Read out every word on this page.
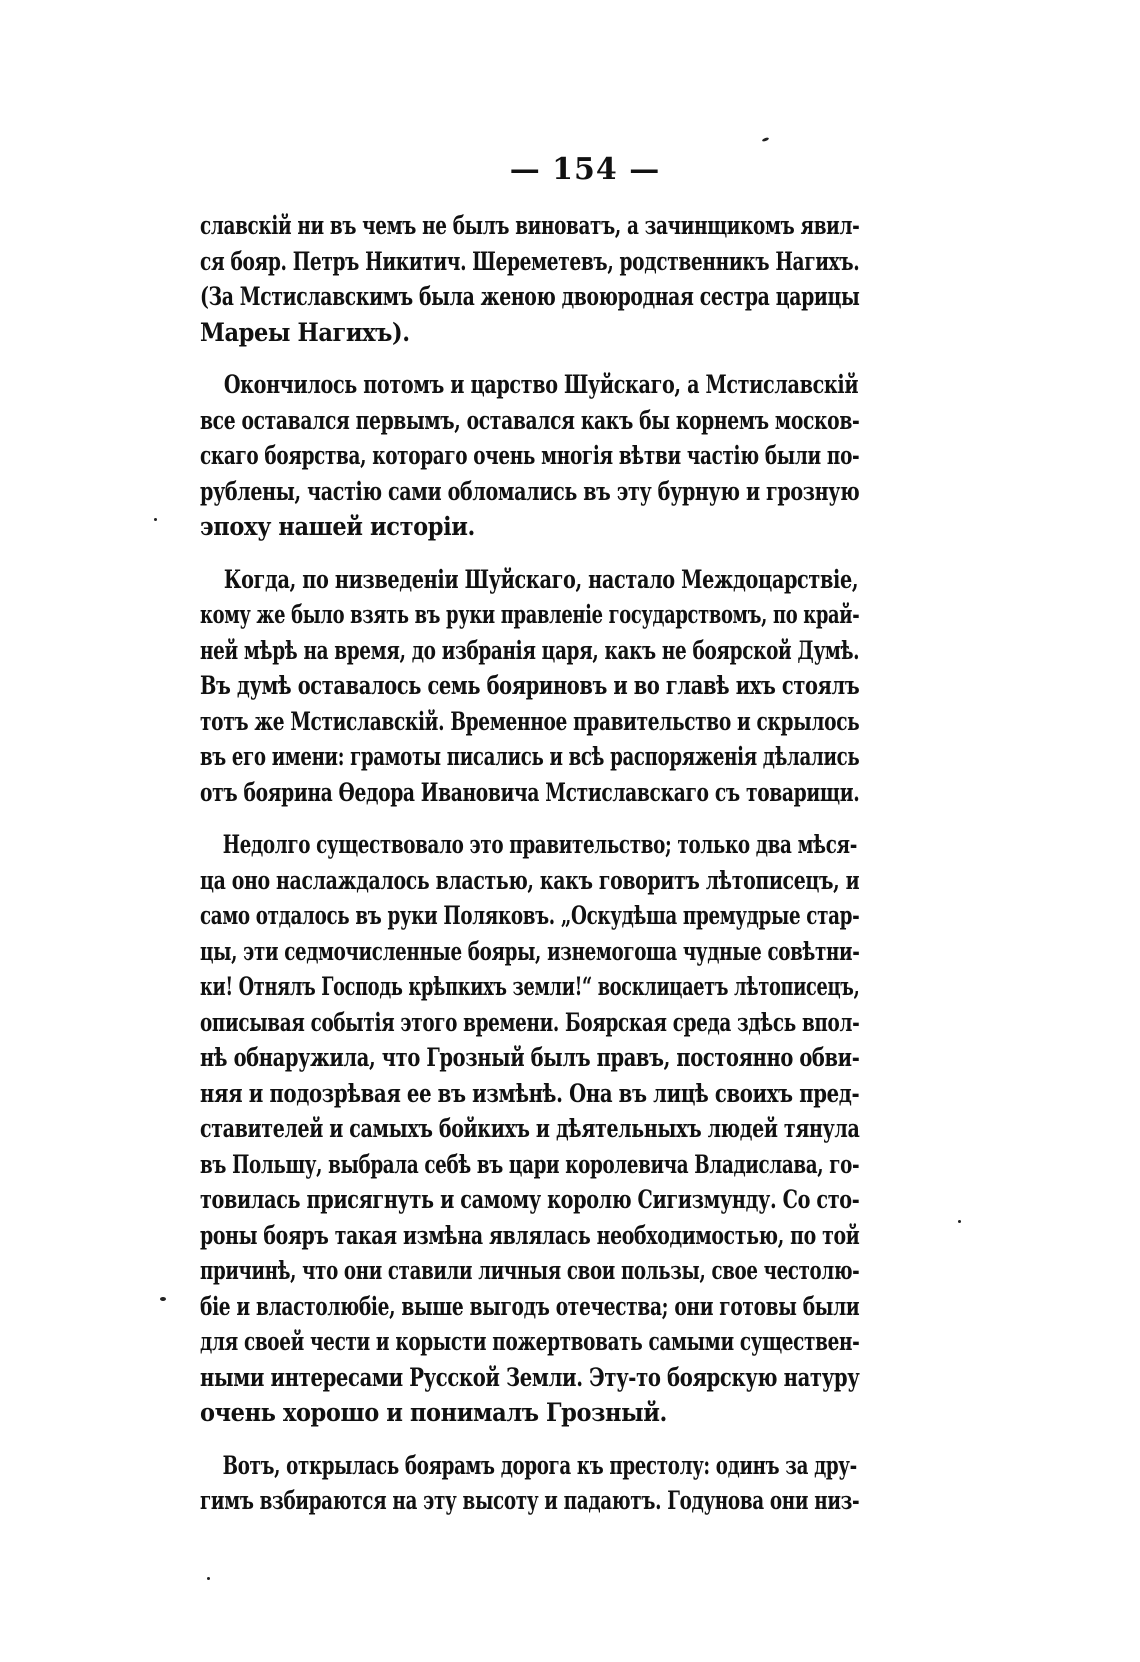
— 154 —

славскій ни въ чемъ не былъ виноватъ, а зачинщикомъ явил-
ся бояр. Петръ Никитич. Шереметевъ, родственникъ Нагихъ.
(За Мстиславскимъ была женою двоюродная сестра царицы
Мареы Нагихъ).

Окончилось потомъ и царство Шуйскаго, а Мстиславскій
все оставался первымъ, оставался какъ бы корнемъ москов-
скаго боярства, котораго очень многія вѣтви частію были по-
рублены, частію сами обломались въ эту бурную и грозную
эпоху нашей исторіи.

Когда, по низведеніи Шуйскаго, настало Междоцарствіе,
кому же было взять въ руки правленіе государствомъ, по край-
ней мѣрѣ на время, до избранія царя, какъ не боярской Думѣ.
Въ думѣ оставалось семь бояриновъ и во главѣ ихъ стоялъ
тотъ же Мстиславскій. Временное правительство и скрылось
въ его имени: грамоты писались и всѣ распоряженія дѣлались
отъ боярина Өедора Ивановича Мстиславскаго съ товарищи.

Недолго существовало это правительство; только два мѣся-
ца оно наслаждалось властью, какъ говоритъ лѣтописецъ, и
само отдалось въ руки Поляковъ. „Оскудѣша премудрые стар-
цы, эти седмочисленные бояры, изнемогоша чудные совѣтни-
ки! Отнялъ Господь крѣпкихъ земли!“ восклицаетъ лѣтописецъ,
описывая событія этого времени. Боярская среда здѣсь впол-
нѣ обнаружила, что Грозный былъ правъ, постоянно обви-
няя и подозрѣвая ее въ измѣнѣ. Она въ лицѣ своихъ пред-
ставителей и самыхъ бойкихъ и дѣятельныхъ людей тянула
въ Польшу, выбрала себѣ въ цари королевича Владислава, го-
товилась присягнуть и самому королю Сигизмунду. Со сто-
роны бояръ такая измѣна являлась необходимостью, по той
причинѣ, что они ставили личныя свои пользы, свое честолю-
біе и властолюбіе, выше выгодъ отечества; они готовы были
для своей чести и корысти пожертвовать самыми существен-
ными интересами Русской Земли. Эту-то боярскую натуру
очень хорошо и понималъ Грозный.

Вотъ, открылась боярамъ дорога къ престолу: одинъ за дру-
гимъ взбираются на эту высоту и падаютъ. Годунова они низ-
